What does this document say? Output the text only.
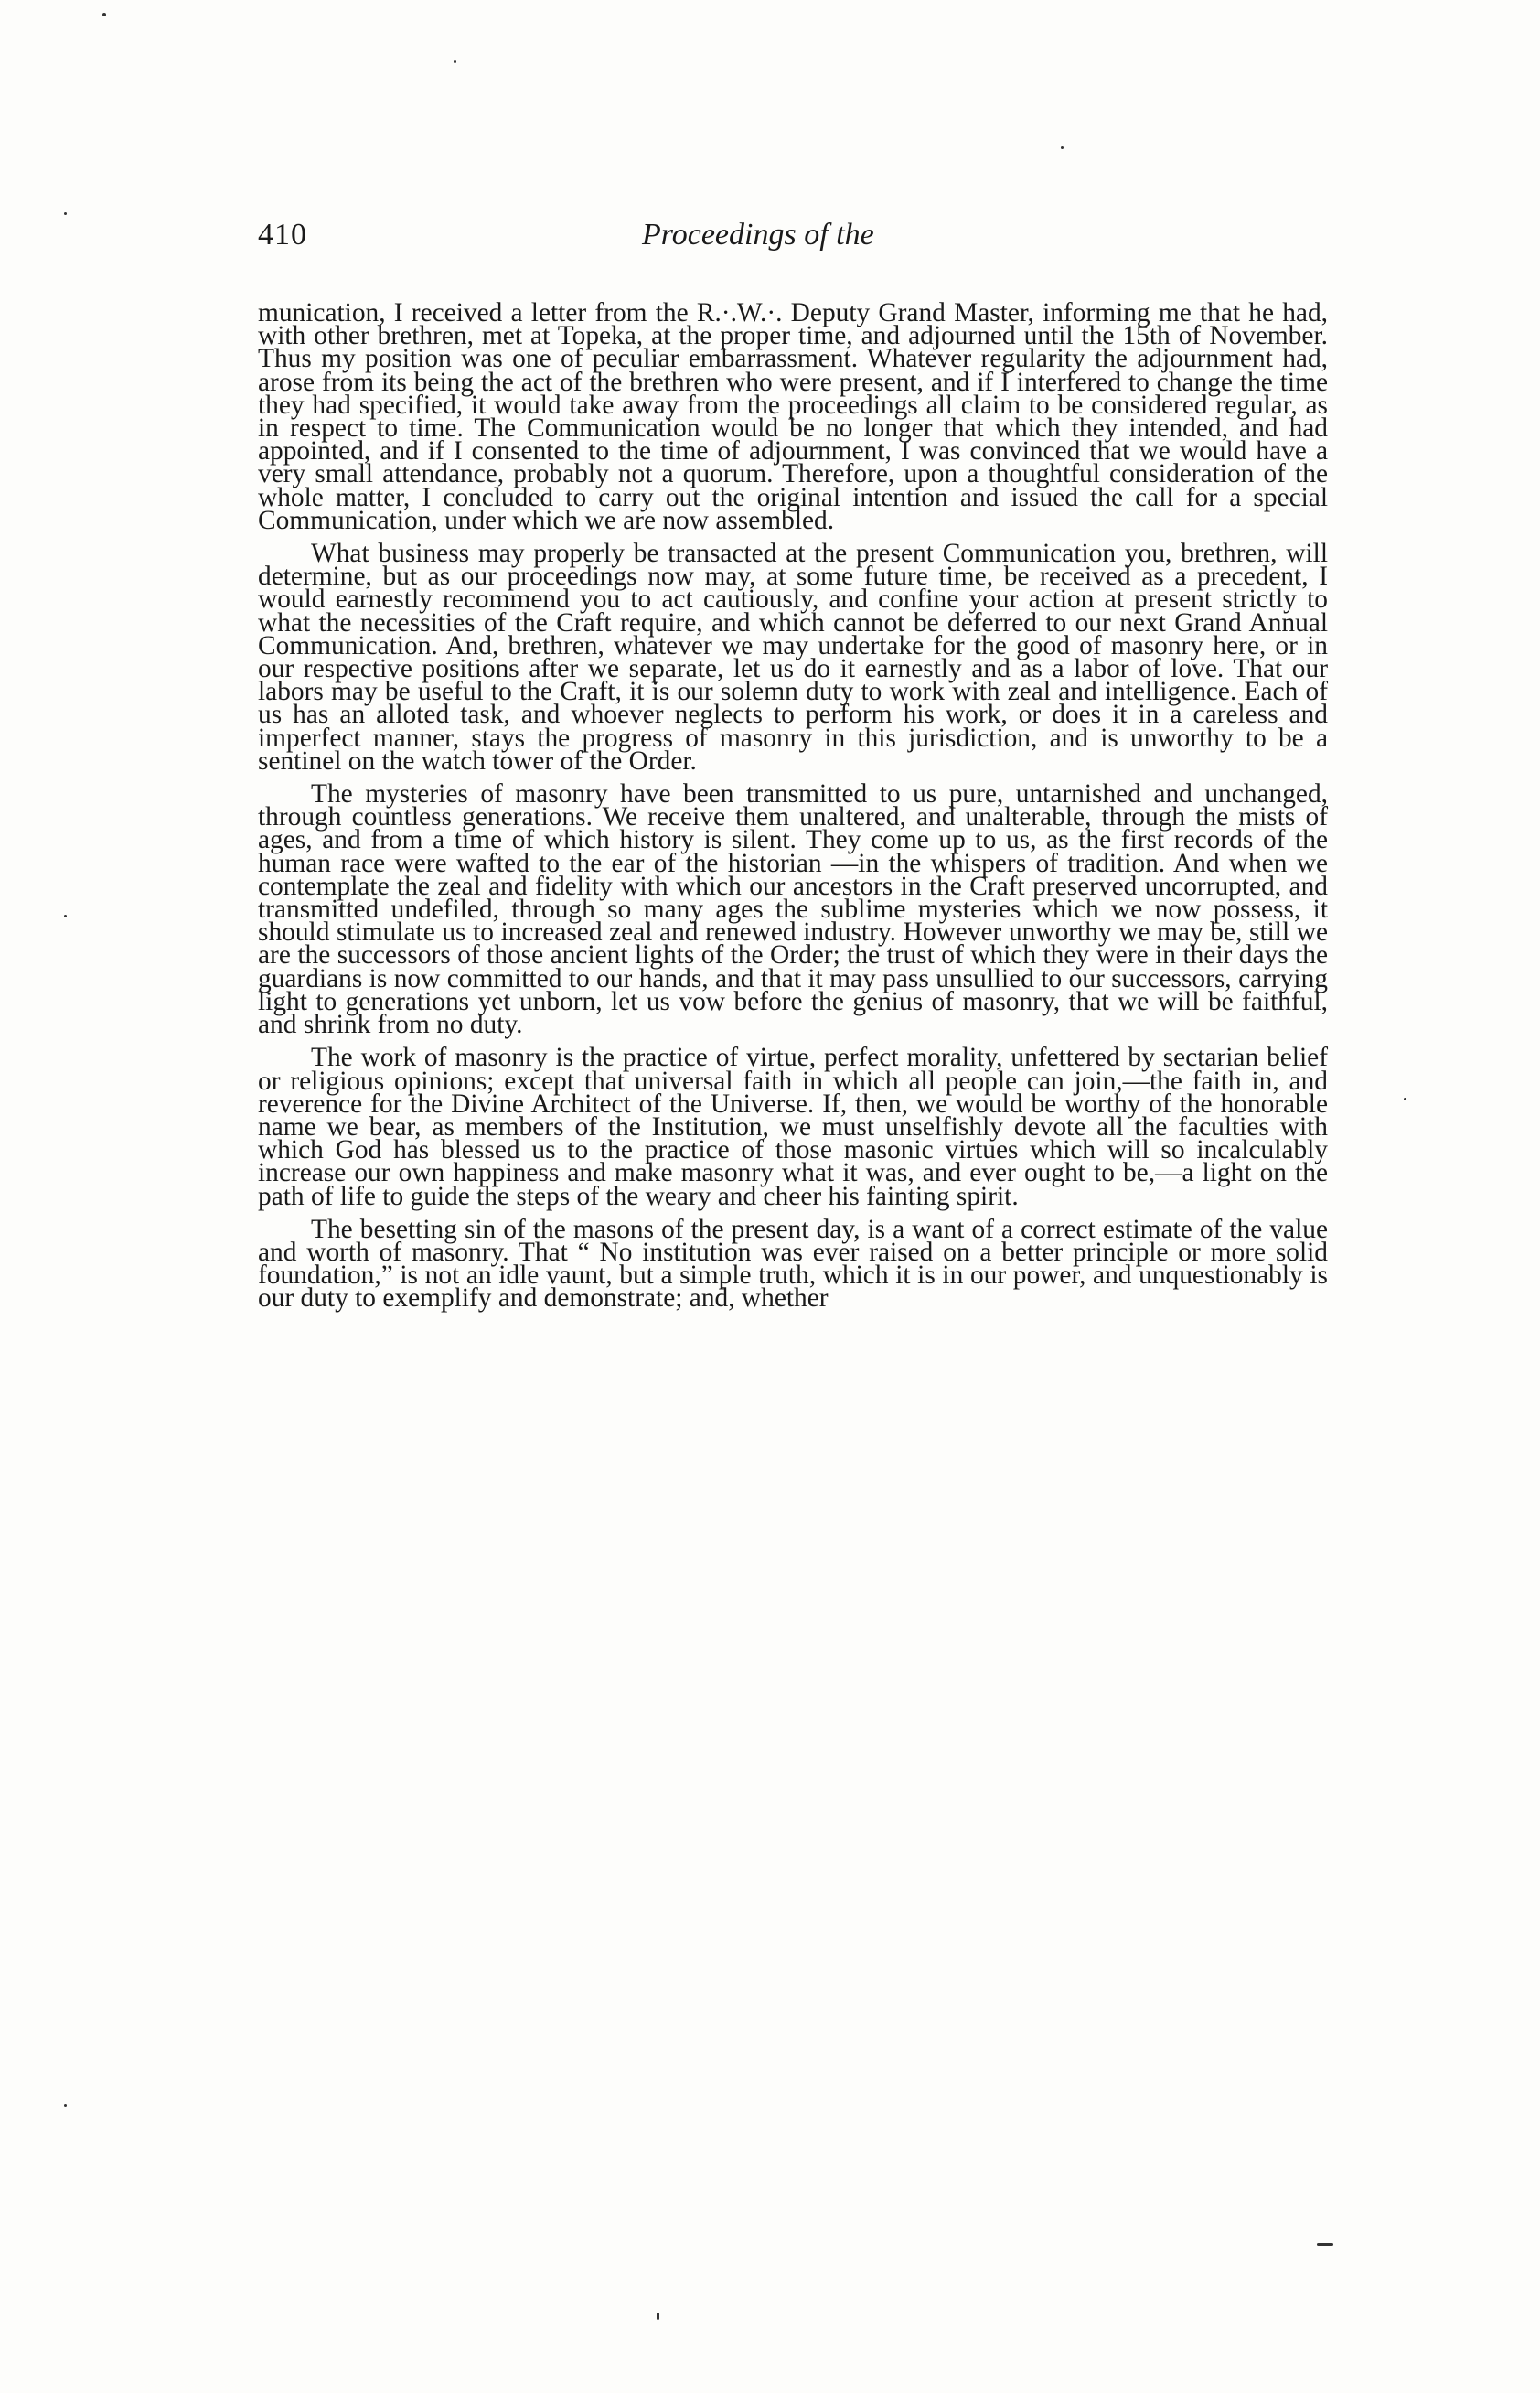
410	Proceedings of the

munication, I received a letter from the R.·.W.·. Deputy Grand Master, informing me that he had, with other brethren, met at Topeka, at the proper time, and adjourned until the 15th of November. Thus my position was one of peculiar embarrassment. Whatever regularity the adjournment had, arose from its being the act of the brethren who were present, and if I interfered to change the time they had specified, it would take away from the proceedings all claim to be considered regular, as in respect to time. The Communication would be no longer that which they intended, and had appointed, and if I consented to the time of adjournment, I was convinced that we would have a very small attendance, probably not a quorum. Therefore, upon a thoughtful consideration of the whole matter, I concluded to carry out the original intention and issued the call for a special Communication, under which we are now assembled.

What business may properly be transacted at the present Communication you, brethren, will determine, but as our proceedings now may, at some future time, be received as a precedent, I would earnestly recommend you to act cautiously, and confine your action at present strictly to what the necessities of the Craft require, and which cannot be deferred to our next Grand Annual Communication. And, brethren, whatever we may undertake for the good of masonry here, or in our respective positions after we separate, let us do it earnestly and as a labor of love. That our labors may be useful to the Craft, it is our solemn duty to work with zeal and intelligence. Each of us has an alloted task, and whoever neglects to perform his work, or does it in a careless and imperfect manner, stays the progress of masonry in this jurisdiction, and is unworthy to be a sentinel on the watch tower of the Order.

The mysteries of masonry have been transmitted to us pure, untarnished and unchanged, through countless generations. We receive them unaltered, and unalterable, through the mists of ages, and from a time of which history is silent. They come up to us, as the first records of the human race were wafted to the ear of the historian —in the whispers of tradition. And when we contemplate the zeal and fidelity with which our ancestors in the Craft preserved uncorrupted, and transmitted undefiled, through so many ages the sublime mysteries which we now possess, it should stimulate us to increased zeal and renewed industry. However unworthy we may be, still we are the successors of those ancient lights of the Order; the trust of which they were in their days the guardians is now committed to our hands, and that it may pass unsullied to our successors, carrying light to generations yet unborn, let us vow before the genius of masonry, that we will be faithful, and shrink from no duty.

The work of masonry is the practice of virtue, perfect morality, unfettered by sectarian belief or religious opinions; except that universal faith in which all people can join,—the faith in, and reverence for the Divine Architect of the Universe. If, then, we would be worthy of the honorable name we bear, as members of the Institution, we must unselfishly devote all the faculties with which God has blessed us to the practice of those masonic virtues which will so incalculably increase our own happiness and make masonry what it was, and ever ought to be,—a light on the path of life to guide the steps of the weary and cheer his fainting spirit.

The besetting sin of the masons of the present day, is a want of a correct estimate of the value and worth of masonry. That “ No institution was ever raised on a better principle or more solid foundation,” is not an idle vaunt, but a simple truth, which it is in our power, and unquestionably is our duty to exemplify and demonstrate; and, whether
